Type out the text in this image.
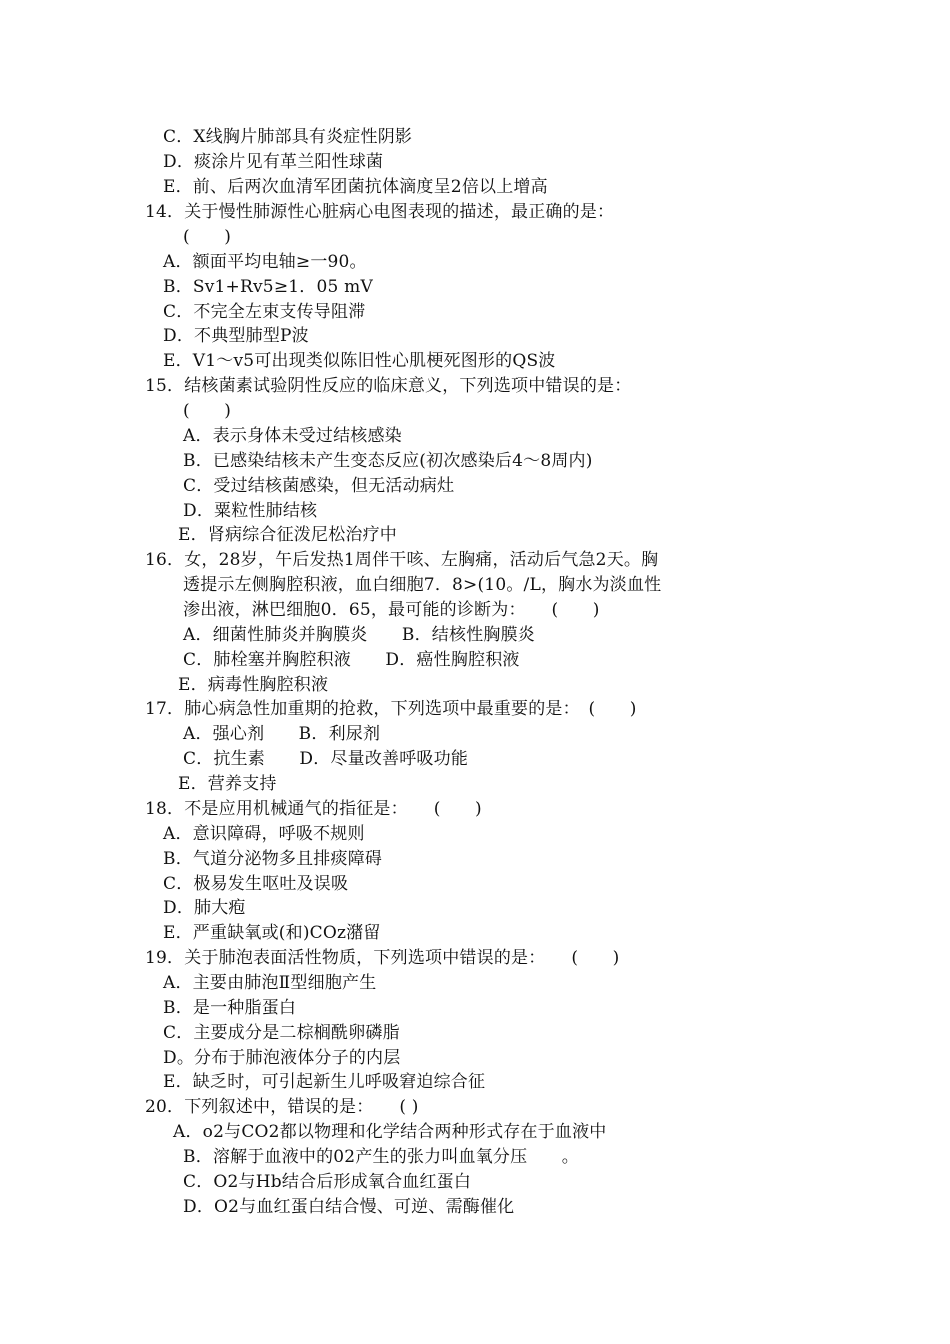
C．X线胸片肺部具有炎症性阴影
D．痰涂片见有革兰阳性球菌
E．前、后两次血清军团菌抗体滴度呈2倍以上增高
14．关于慢性肺源性心脏病心电图表现的描述，最正确的是：
(　　)
A．额面平均电轴≥一90。
B．Sv1+Rv5≥1．05 mV
C．不完全左束支传导阻滞
D．不典型肺型P波
E．V1～v5可出现类似陈旧性心肌梗死图形的QS波
15．结核菌素试验阴性反应的临床意义，下列选项中错误的是：
(　　)
A．表示身体未受过结核感染
B．已感染结核未产生变态反应(初次感染后4～8周内)
C．受过结核菌感染，但无活动病灶
D．粟粒性肺结核
E．肾病综合征泼尼松治疗中
16．女，28岁，午后发热1周伴干咳、左胸痛，活动后气急2天。胸
透提示左侧胸腔积液，血白细胞7．8>(10。/L，胸水为淡血性
渗出液，淋巴细胞0．65，最可能的诊断为：　　(　　)
A．细菌性肺炎并胸膜炎　　B．结核性胸膜炎
C．肺栓塞并胸腔积液　　D．癌性胸腔积液
E．病毒性胸腔积液
17．肺心病急性加重期的抢救，下列选项中最重要的是：　(　　)
A．强心剂　　B．利尿剂
C．抗生素　　D．尽量改善呼吸功能
E．营养支持
18．不是应用机械通气的指征是：　　(　　)
A．意识障碍，呼吸不规则
B．气道分泌物多且排痰障碍
C．极易发生呕吐及误吸
D．肺大疱
E．严重缺氧或(和)COz潴留
19．关于肺泡表面活性物质，下列选项中错误的是：　　(　　)
A．主要由肺泡Ⅱ型细胞产生
B．是一种脂蛋白
C．主要成分是二棕榈酰卵磷脂
D。分布于肺泡液体分子的内层
E．缺乏时，可引起新生儿呼吸窘迫综合征
20．下列叙述中，错误的是：　　( )
A．o2与CO2都以物理和化学结合两种形式存在于血液中
B．溶解于血液中的02产生的张力叫血氧分压　　。
C．O2与Hb结合后形成氧合血红蛋白
D．O2与血红蛋白结合慢、可逆、需酶催化
